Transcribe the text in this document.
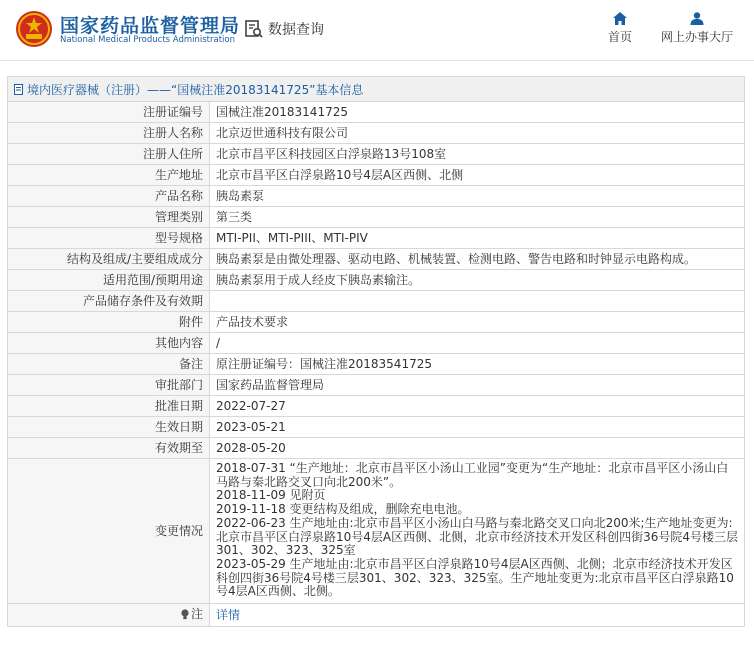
国家药品监督管理局
National Medical Products Administration
数据查询	首页	网上办事大厅
境内医疗器械（注册）——“国械注准20183141725”基本信息
注册证编号	国械注准20183141725
注册人名称	北京迈世通科技有限公司
注册人住所	北京市昌平区科技园区白浮泉路13号108室
生产地址	北京市昌平区白浮泉路10号4层A区西侧、北侧
产品名称	胰岛素泵
管理类别	第三类
型号规格	MTI-PII、MTI-PIII、MTI-PIV
结构及组成/主要组成成分	胰岛素泵是由微处理器、驱动电路、机械装置、检测电路、警告电路和时钟显示电路构成。
适用范围/预期用途	胰岛素泵用于成人经皮下胰岛素输注。
产品储存条件及有效期	
附件	产品技术要求
其他内容	/
备注	原注册证编号：国械注准20183541725
审批部门	国家药品监督管理局
批准日期	2022-07-27
生效日期	2023-05-21
有效期至	2028-05-20
变更情况	2018-07-31 “生产地址：北京市昌平区小汤山工业园”变更为“生产地址：北京市昌平区小汤山白马路与秦北路交叉口向北200米”。
2018-11-09 见附页
2019-11-18 变更结构及组成，删除充电电池。
2022-06-23 生产地址由:北京市昌平区小汤山白马路与秦北路交叉口向北200米;生产地址变更为:北京市昌平区白浮泉路10号4层A区西侧、北侧，北京市经济技术开发区科创四街36号院4号楼三层301、302、323、325室
2023-05-29 生产地址由:北京市昌平区白浮泉路10号4层A区西侧、北侧；北京市经济技术开发区科创四街36号院4号楼三层301、302、323、325室。生产地址变更为:北京市昌平区白浮泉路10号4层A区西侧、北侧。

注	详情
